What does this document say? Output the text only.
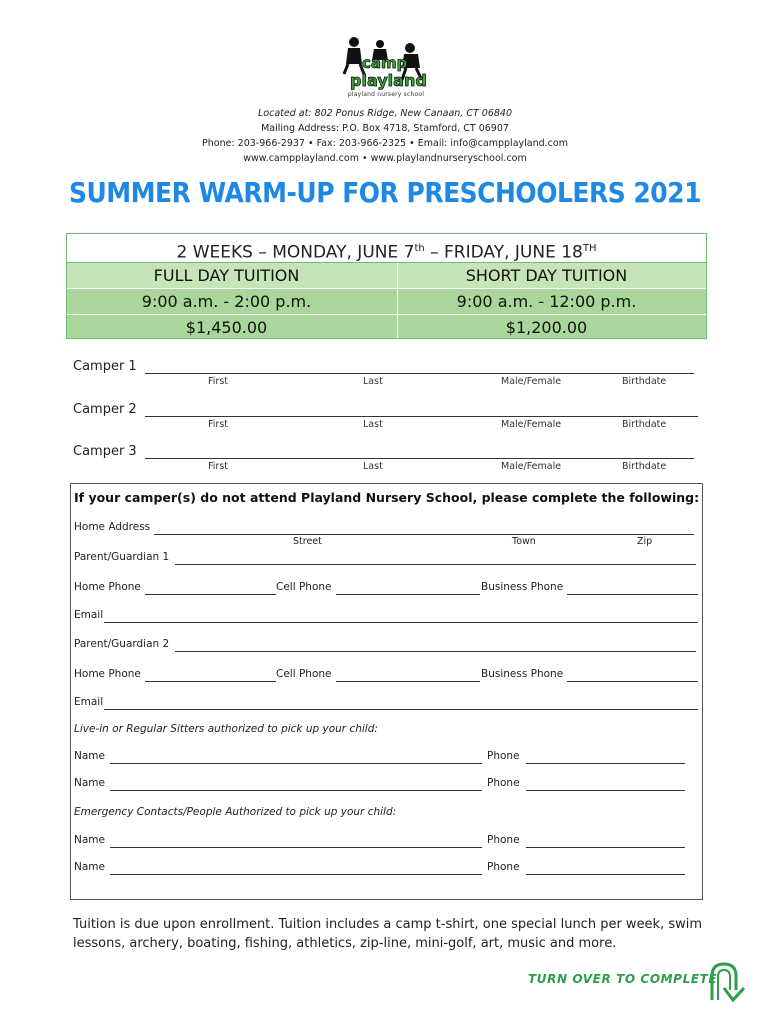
camp
playland
playland nursery school
Located at: 802 Ponus Ridge, New Canaan, CT 06840
Mailing Address: P.O. Box 4718, Stamford, CT 06907
Phone: 203-966-2937 • Fax: 203-966-2325 • Email: info@campplayland.com
www.campplayland.com • www.playlandnurseryschool.com
SUMMER WARM-UP FOR PRESCHOOLERS 2021
2 WEEKS – MONDAY, JUNE 7th – FRIDAY, JUNE 18TH
FULL DAY TUITION	SHORT DAY TUITION
9:00 a.m. - 2:00 p.m.	9:00 a.m. - 12:00 p.m.
$1,450.00	$1,200.00
Camper 1
First	Last	Male/Female	Birthdate
Camper 2
First	Last	Male/Female	Birthdate
Camper 3
First	Last	Male/Female	Birthdate
If your camper(s) do not attend Playland Nursery School, please complete the following:
Home Address
Street	Town	Zip
Parent/Guardian 1
Home Phone	Cell Phone	Business Phone
Email
Parent/Guardian 2
Home Phone	Cell Phone	Business Phone
Email
Live-in or Regular Sitters authorized to pick up your child:
Name	Phone
Name	Phone
Emergency Contacts/People Authorized to pick up your child:
Name	Phone
Name	Phone
Tuition is due upon enrollment. Tuition includes a camp t-shirt, one special lunch per week, swim lessons, archery, boating, fishing, athletics, zip-line, mini-golf, art, music and more.
TURN OVER TO COMPLETE
